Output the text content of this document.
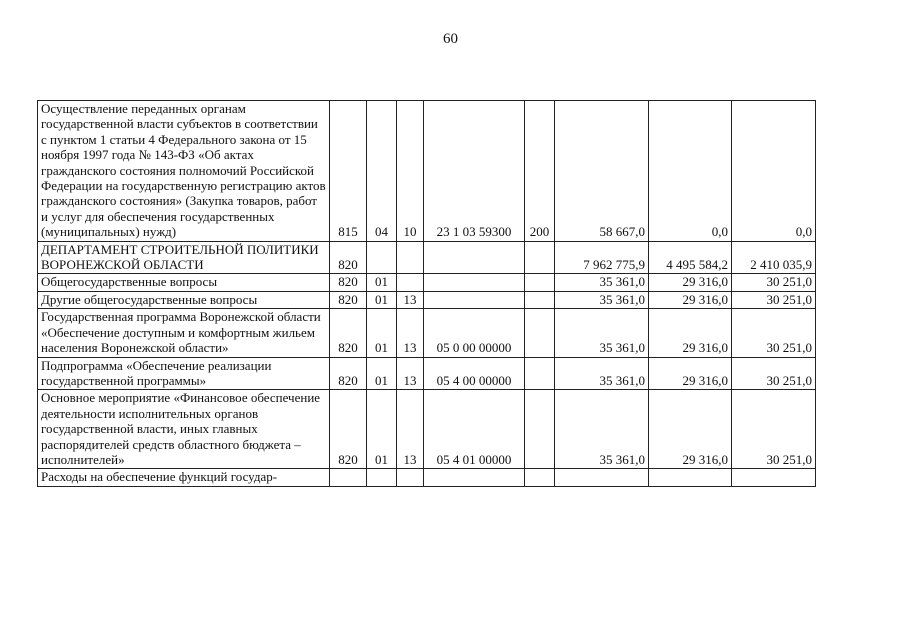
60
Осуществление переданных органам государственной власти субъектов в соответствии с пунктом 1 статьи 4 Федерального закона от 15 ноября 1997 года № 143-ФЗ «Об актах гражданского состояния полномочий Российской Федерации на государственную регистрацию актов гражданского состояния» (Закупка товаров, работ и услуг для обеспечения государственных (муниципальных) нужд)	815	04	10	23 1 03 59300	200	58 667,0	0,0	0,0
ДЕПАРТАМЕНТ СТРОИТЕЛЬНОЙ ПОЛИТИКИ ВОРОНЕЖСКОЙ ОБЛАСТИ	820					7 962 775,9	4 495 584,2	2 410 035,9
Общегосударственные вопросы	820	01				35 361,0	29 316,0	30 251,0
Другие общегосударственные вопросы	820	01	13			35 361,0	29 316,0	30 251,0
Государственная программа Воронежской области «Обеспечение доступным и комфортным жильем населения Воронежской области»	820	01	13	05 0 00 00000		35 361,0	29 316,0	30 251,0
Подпрограмма «Обеспечение реализации государственной программы»	820	01	13	05 4 00 00000		35 361,0	29 316,0	30 251,0
Основное мероприятие «Финансовое обеспечение деятельности исполнительных органов государственной власти, иных главных распорядителей средств областного бюджета – исполнителей»	820	01	13	05 4 01 00000		35 361,0	29 316,0	30 251,0
Расходы на обеспечение функций государ-								
